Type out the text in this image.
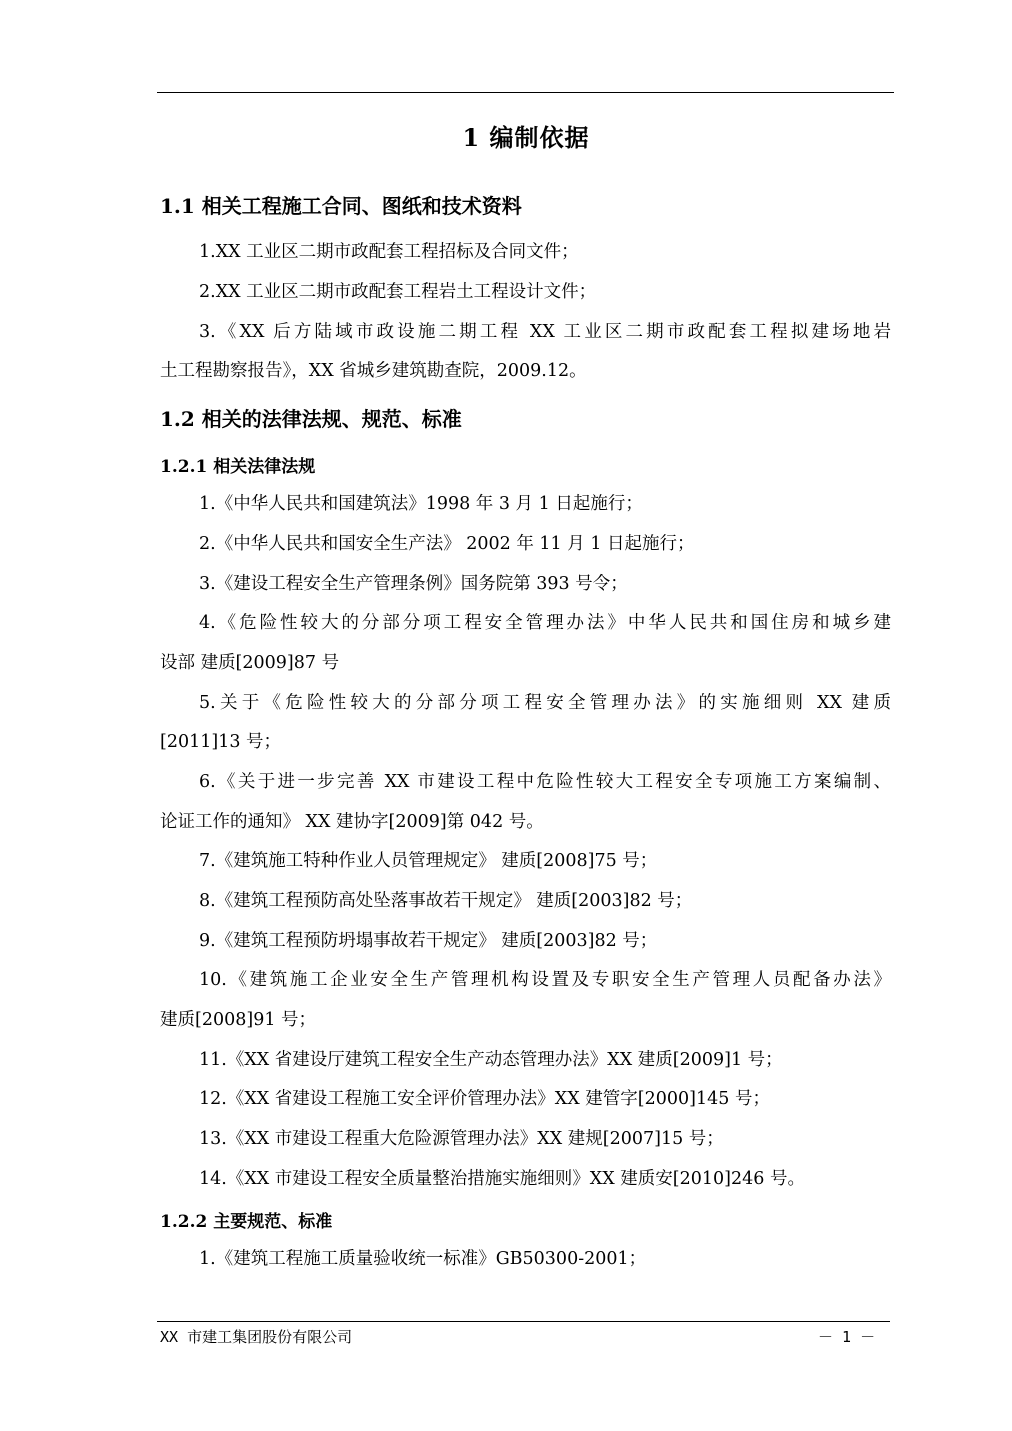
1 编制依据
1.1 相关工程施工合同、图纸和技术资料
1.XX 工业区二期市政配套工程招标及合同文件；
2.XX 工业区二期市政配套工程岩土工程设计文件；
3.《XX 后方陆域市政设施二期工程 XX 工业区二期市政配套工程拟建场地岩
土工程勘察报告》，XX 省城乡建筑勘查院，2009.12。
1.2 相关的法律法规、规范、标准
1.2.1 相关法律法规
1.《中华人民共和国建筑法》1998 年 3 月 1 日起施行；
2.《中华人民共和国安全生产法》 2002 年 11 月 1 日起施行；
3.《建设工程安全生产管理条例》国务院第 393 号令；
4.《危险性较大的分部分项工程安全管理办法》中华人民共和国住房和城乡建
设部 建质[2009]87 号
5.关于《危险性较大的分部分项工程安全管理办法》的实施细则 XX 建质
[2011]13 号；
6.《关于进一步完善 XX 市建设工程中危险性较大工程安全专项施工方案编制、
论证工作的通知》 XX 建协字[2009]第 042 号。
7.《建筑施工特种作业人员管理规定》 建质[2008]75 号；
8.《建筑工程预防高处坠落事故若干规定》 建质[2003]82 号；
9.《建筑工程预防坍塌事故若干规定》 建质[2003]82 号；
10.《建筑施工企业安全生产管理机构设置及专职安全生产管理人员配备办法》
建质[2008]91 号；
11.《XX 省建设厅建筑工程安全生产动态管理办法》XX 建质[2009]1 号；
12.《XX 省建设工程施工安全评价管理办法》XX 建管字[2000]145 号；
13.《XX 市建设工程重大危险源管理办法》XX 建规[2007]15 号；
14.《XX 市建设工程安全质量整治措施实施细则》XX 建质安[2010]246 号。
1.2.2 主要规范、标准
1.《建筑工程施工质量验收统一标准》GB50300-2001；
XX 市建工集团股份有限公司	－ 1 －
